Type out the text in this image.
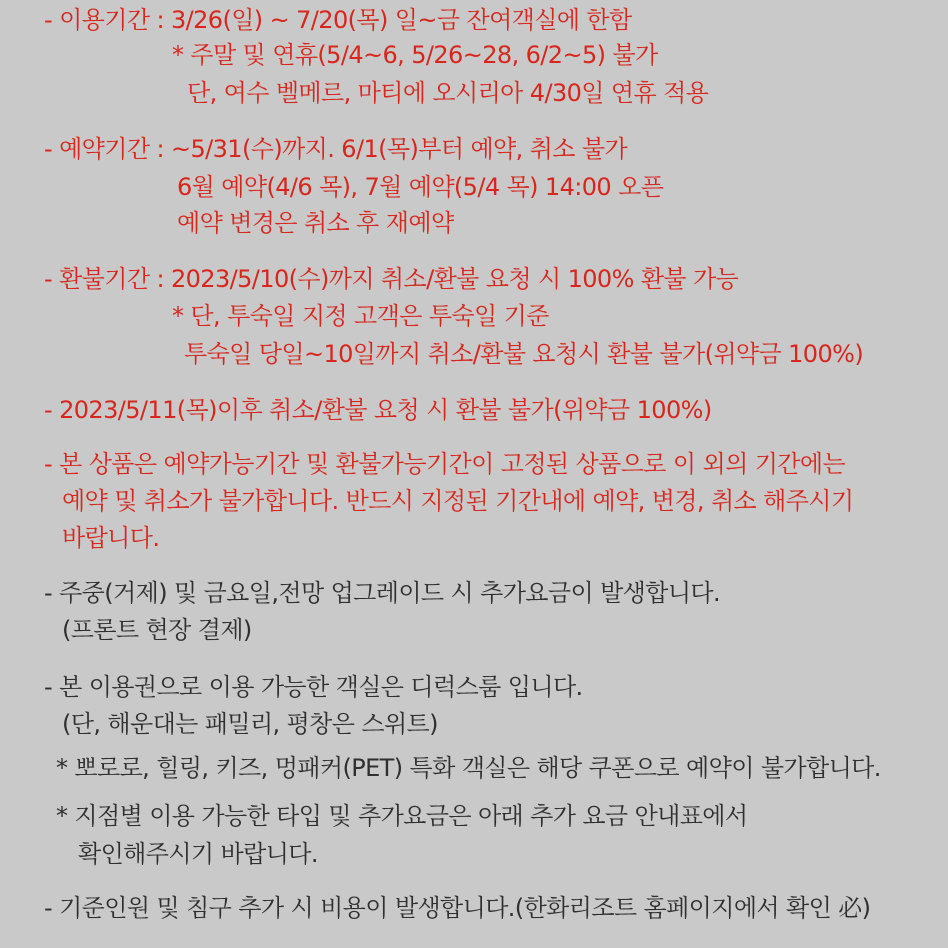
- 이용기간 : 3/26(일) ~ 7/20(목) 일~금 잔여객실에 한함
* 주말 및 연휴(5/4~6, 5/26~28, 6/2~5) 불가
단, 여수 벨메르, 마티에 오시리아 4/30일 연휴 적용
- 예약기간 : ~5/31(수)까지. 6/1(목)부터 예약, 취소 불가
6월 예약(4/6 목), 7월 예약(5/4 목) 14:00 오픈
예약 변경은 취소 후 재예약
- 환불기간 : 2023/5/10(수)까지 취소/환불 요청 시 100% 환불 가능
* 단, 투숙일 지정 고객은 투숙일 기준
투숙일 당일~10일까지 취소/환불 요청시 환불 불가(위약금 100%)
- 2023/5/11(목)이후 취소/환불 요청 시 환불 불가(위약금 100%)
- 본 상품은 예약가능기간 및 환불가능기간이 고정된 상품으로 이 외의 기간에는
예약 및 취소가 불가합니다. 반드시 지정된 기간내에 예약, 변경, 취소 해주시기
바랍니다.
- 주중(거제) 및 금요일,전망 업그레이드 시 추가요금이 발생합니다.
(프론트 현장 결제)
- 본 이용권으로 이용 가능한 객실은 디럭스룸 입니다.
(단, 해운대는 패밀리, 평창은 스위트)
* 뽀로로, 힐링, 키즈, 멍패커(PET) 특화 객실은 해당 쿠폰으로 예약이 불가합니다.
* 지점별 이용 가능한 타입 및 추가요금은 아래 추가 요금 안내표에서
확인해주시기 바랍니다.
- 기준인원 및 침구 추가 시 비용이 발생합니다.(한화리조트 홈페이지에서 확인 必)
